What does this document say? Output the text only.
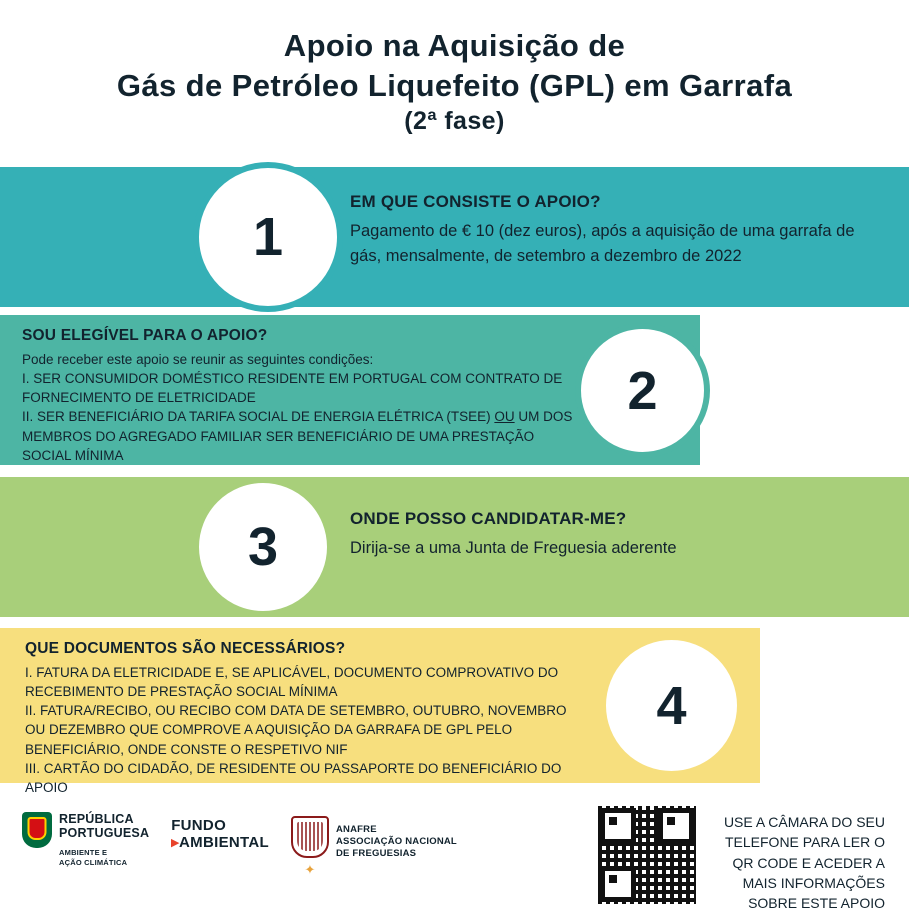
Apoio na Aquisição de
Gás de Petróleo Liquefeito (GPL) em Garrafa
(2ª fase)
1
EM QUE CONSISTE O APOIO?
Pagamento de € 10 (dez euros), após a aquisição de uma garrafa de gás, mensalmente, de setembro a dezembro de 2022
2
SOU ELEGÍVEL PARA O APOIO?
Pode receber este apoio se reunir as seguintes condições:
I. SER CONSUMIDOR DOMÉSTICO RESIDENTE EM PORTUGAL COM CONTRATO DE FORNECIMENTO DE ELETRICIDADE
II. SER BENEFICIÁRIO DA TARIFA SOCIAL DE ENERGIA ELÉTRICA (TSEE) OU UM DOS MEMBROS DO AGREGADO FAMILIAR SER BENEFICIÁRIO DE UMA PRESTAÇÃO SOCIAL MÍNIMA
3	ONDE POSSO CANDIDATAR-ME?
Dirija-se a uma Junta de Freguesia aderente
4
QUE DOCUMENTOS SÃO NECESSÁRIOS?
I. FATURA DA ELETRICIDADE E, SE APLICÁVEL, DOCUMENTO COMPROVATIVO DO RECEBIMENTO DE PRESTAÇÃO SOCIAL MÍNIMA
II. FATURA/RECIBO, OU RECIBO COM DATA DE SETEMBRO, OUTUBRO, NOVEMBRO OU DEZEMBRO QUE COMPROVE A AQUISIÇÃO DA GARRAFA DE GPL PELO BENEFICIÁRIO, ONDE CONSTE O RESPETIVO NIF
III. CARTÃO DO CIDADÃO, DE RESIDENTE OU PASSAPORTE DO BENEFICIÁRIO DO APOIO
REPÚBLICA
PORTUGUESA
AMBIENTE E
AÇÃO CLIMÁTICA
FUNDO
▸AMBIENTAL
✦
ANAFRE
ASSOCIAÇÃO NACIONAL
DE FREGUESIAS
USE A CÂMARA DO SEU TELEFONE PARA LER O QR CODE E ACEDER A MAIS INFORMAÇÕES SOBRE ESTE APOIO
